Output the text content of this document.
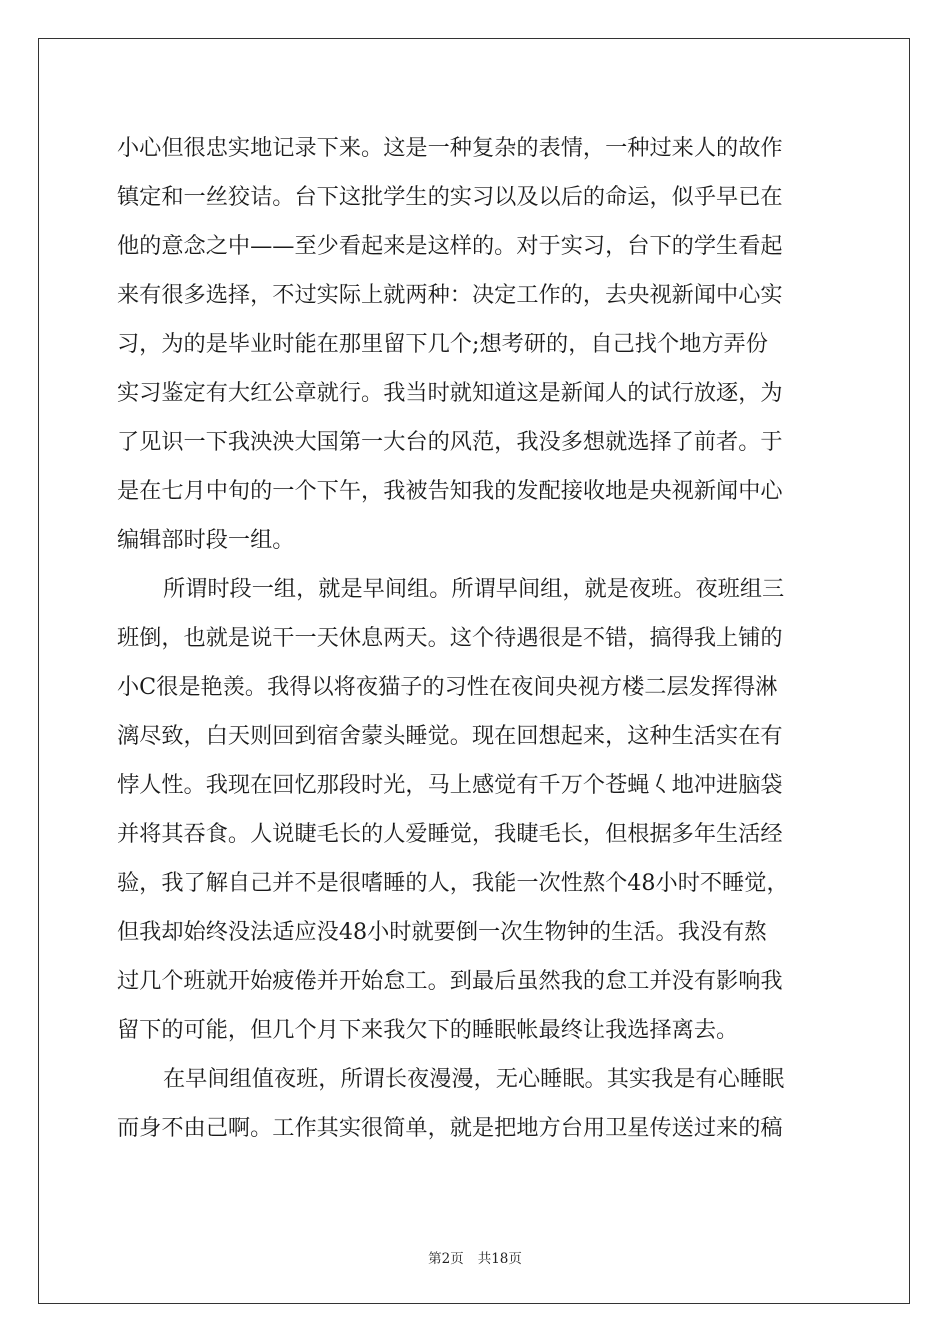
小心但很忠实地记录下来。这是一种复杂的表情，一种过来人的故作
镇定和一丝狡诘。台下这批学生的实习以及以后的命运，似乎早已在
他的意念之中——至少看起来是这样的。对于实习，台下的学生看起
来有很多选择，不过实际上就两种：决定工作的，去央视新闻中心实
习，为的是毕业时能在那里留下几个;想考研的，自己找个地方弄份
实习鉴定有大红公章就行。我当时就知道这是新闻人的试行放逐，为
了见识一下我泱泱大国第一大台的风范，我没多想就选择了前者。于
是在七月中旬的一个下午，我被告知我的发配接收地是央视新闻中心
编辑部时段一组。

所谓时段一组，就是早间组。所谓早间组，就是夜班。夜班组三
班倒，也就是说干一天休息两天。这个待遇很是不错，搞得我上铺的
小C很是艳羡。我得以将夜猫子的习性在夜间央视方楼二层发挥得淋
漓尽致，白天则回到宿舍蒙头睡觉。现在回想起来，这种生活实在有
悖人性。我现在回忆那段时光，马上感觉有千万个苍蝇𡿨地冲进脑袋
并将其吞食。人说睫毛长的人爱睡觉，我睫毛长，但根据多年生活经
验，我了解自己并不是很嗜睡的人，我能一次性熬个48小时不睡觉，
但我却始终没法适应没48小时就要倒一次生物钟的生活。我没有熬
过几个班就开始疲倦并开始怠工。到最后虽然我的怠工并没有影响我
留下的可能，但几个月下来我欠下的睡眠帐最终让我选择离去。

在早间组值夜班，所谓长夜漫漫，无心睡眠。其实我是有心睡眠
而身不由己啊。工作其实很简单，就是把地方台用卫星传送过来的稿

第2页 共18页
